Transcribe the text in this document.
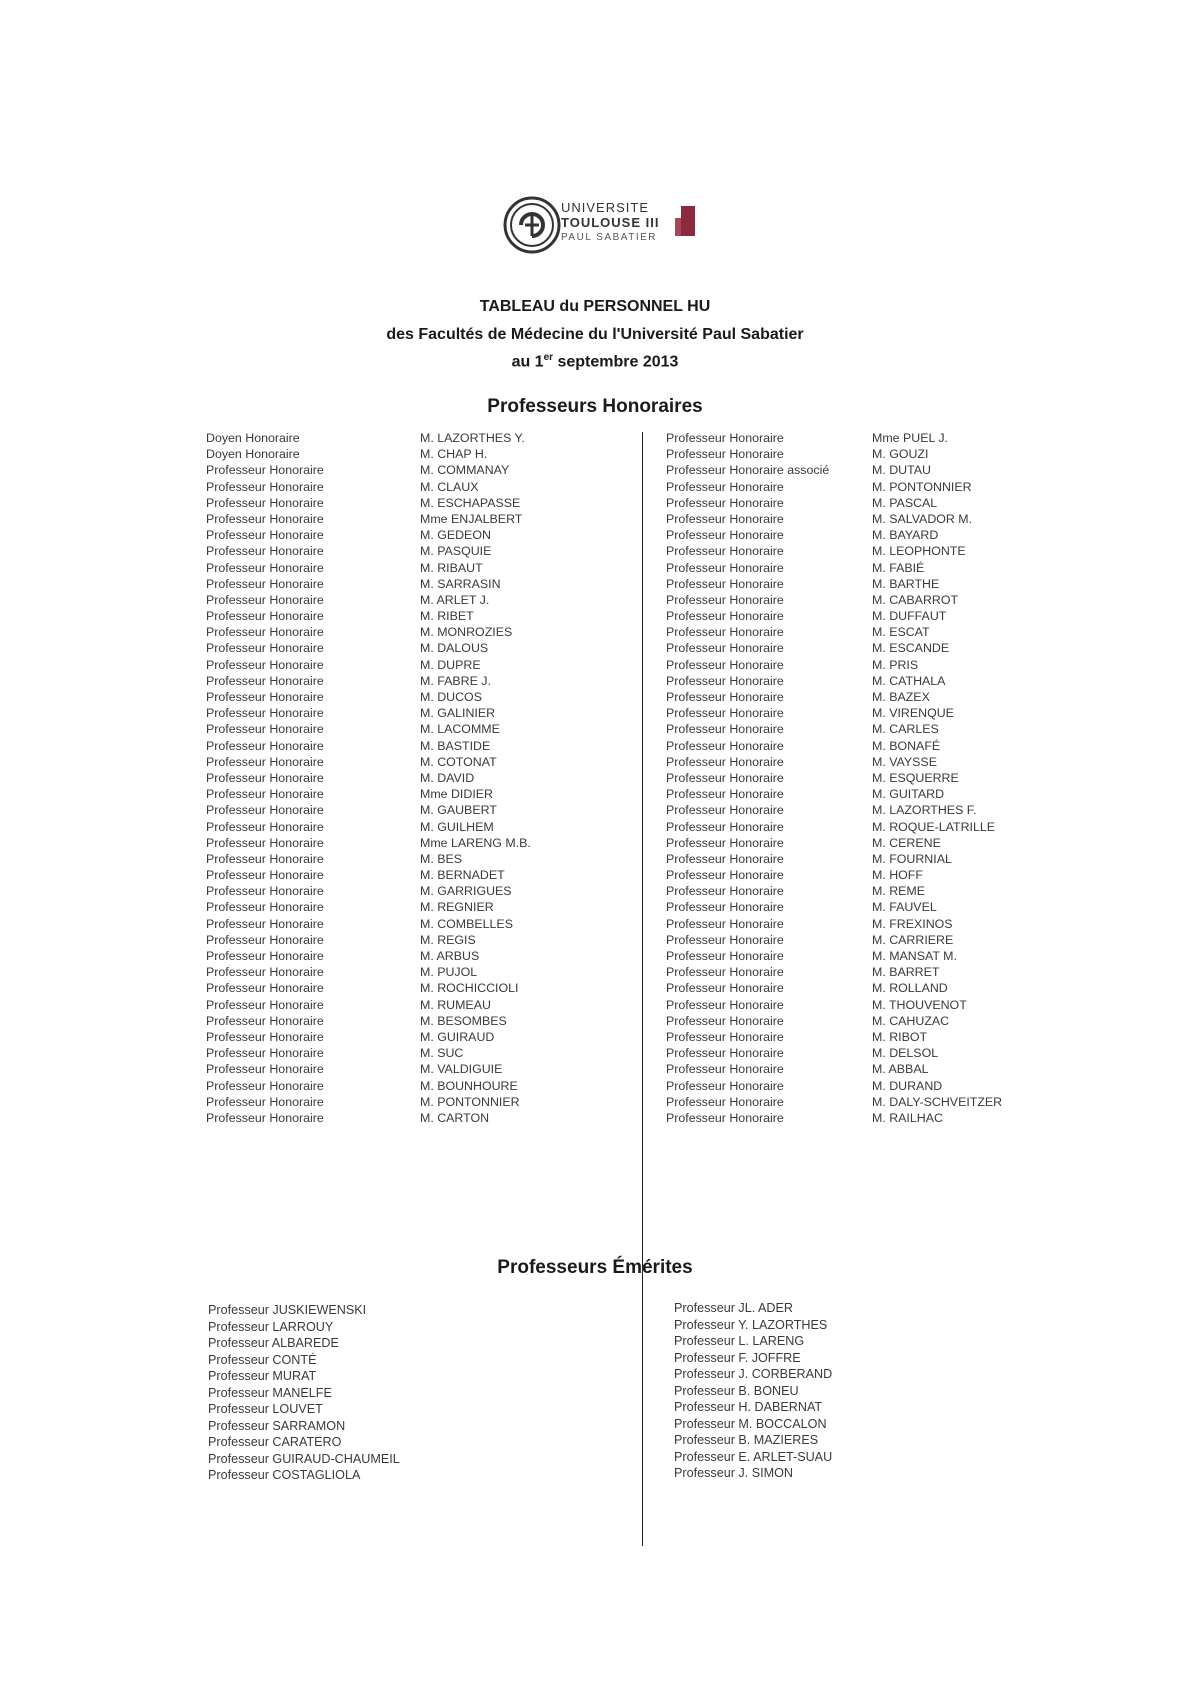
UNIVERSITE
TOULOUSE III
PAUL SABATIER
TABLEAU du PERSONNEL HU
des Facultés de Médecine du l'Université Paul Sabatier
au 1er septembre 2013
Professeurs Honoraires
Doyen Honoraire
Doyen Honoraire
Professeur Honoraire
Professeur Honoraire
Professeur Honoraire
Professeur Honoraire
Professeur Honoraire
Professeur Honoraire
Professeur Honoraire
Professeur Honoraire
Professeur Honoraire
Professeur Honoraire
Professeur Honoraire
Professeur Honoraire
Professeur Honoraire
Professeur Honoraire
Professeur Honoraire
Professeur Honoraire
Professeur Honoraire
Professeur Honoraire
Professeur Honoraire
Professeur Honoraire
Professeur Honoraire
Professeur Honoraire
Professeur Honoraire
Professeur Honoraire
Professeur Honoraire
Professeur Honoraire
Professeur Honoraire
Professeur Honoraire
Professeur Honoraire
Professeur Honoraire
Professeur Honoraire
Professeur Honoraire
Professeur Honoraire
Professeur Honoraire
Professeur Honoraire
Professeur Honoraire
Professeur Honoraire
Professeur Honoraire
Professeur Honoraire
Professeur Honoraire
Professeur Honoraire
M. LAZORTHES Y.
M. CHAP H.
M. COMMANAY
M. CLAUX
M. ESCHAPASSE
Mme ENJALBERT
M. GEDEON
M. PASQUIE
M. RIBAUT
M. SARRASIN
M. ARLET J.
M. RIBET
M. MONROZIES
M. DALOUS
M. DUPRE
M. FABRE J.
M. DUCOS
M. GALINIER
M. LACOMME
M. BASTIDE
M. COTONAT
M. DAVID
Mme DIDIER
M. GAUBERT
M. GUILHEM
Mme LARENG M.B.
M. BES
M. BERNADET
M. GARRIGUES
M. REGNIER
M. COMBELLES
M. REGIS
M. ARBUS
M. PUJOL
M. ROCHICCIOLI
M. RUMEAU
M. BESOMBES
M. GUIRAUD
M. SUC
M. VALDIGUIE
M. BOUNHOURE
M. PONTONNIER
M. CARTON
Professeur Honoraire
Professeur Honoraire
Professeur Honoraire associé
Professeur Honoraire
Professeur Honoraire
Professeur Honoraire
Professeur Honoraire
Professeur Honoraire
Professeur Honoraire
Professeur Honoraire
Professeur Honoraire
Professeur Honoraire
Professeur Honoraire
Professeur Honoraire
Professeur Honoraire
Professeur Honoraire
Professeur Honoraire
Professeur Honoraire
Professeur Honoraire
Professeur Honoraire
Professeur Honoraire
Professeur Honoraire
Professeur Honoraire
Professeur Honoraire
Professeur Honoraire
Professeur Honoraire
Professeur Honoraire
Professeur Honoraire
Professeur Honoraire
Professeur Honoraire
Professeur Honoraire
Professeur Honoraire
Professeur Honoraire
Professeur Honoraire
Professeur Honoraire
Professeur Honoraire
Professeur Honoraire
Professeur Honoraire
Professeur Honoraire
Professeur Honoraire
Professeur Honoraire
Professeur Honoraire
Professeur Honoraire
Mme PUEL J.
M. GOUZI
M. DUTAU
M. PONTONNIER
M. PASCAL
M. SALVADOR M.
M. BAYARD
M. LEOPHONTE
M. FABIÉ
M. BARTHE
M. CABARROT
M. DUFFAUT
M. ESCAT
M. ESCANDE
M. PRIS
M. CATHALA
M. BAZEX
M. VIRENQUE
M. CARLES
M. BONAFÉ
M. VAYSSE
M. ESQUERRE
M. GUITARD
M. LAZORTHES F.
M. ROQUE-LATRILLE
M. CERENE
M. FOURNIAL
M. HOFF
M. REME
M. FAUVEL
M. FREXINOS
M. CARRIERE
M. MANSAT M.
M. BARRET
M. ROLLAND
M. THOUVENOT
M. CAHUZAC
M. RIBOT
M. DELSOL
M. ABBAL
M. DURAND
M. DALY-SCHVEITZER
M. RAILHAC
Professeurs Émérites
Professeur JUSKIEWENSKI
Professeur LARROUY
Professeur ALBAREDE
Professeur CONTÉ
Professeur MURAT
Professeur MANELFE
Professeur LOUVET
Professeur SARRAMON
Professeur CARATERO
Professeur GUIRAUD-CHAUMEIL
Professeur COSTAGLIOLA
Professeur JL. ADER
Professeur Y. LAZORTHES
Professeur L. LARENG
Professeur F. JOFFRE
Professeur J. CORBERAND
Professeur B. BONEU
Professeur H. DABERNAT
Professeur M. BOCCALON
Professeur B. MAZIERES
Professeur E. ARLET-SUAU
Professeur J. SIMON
